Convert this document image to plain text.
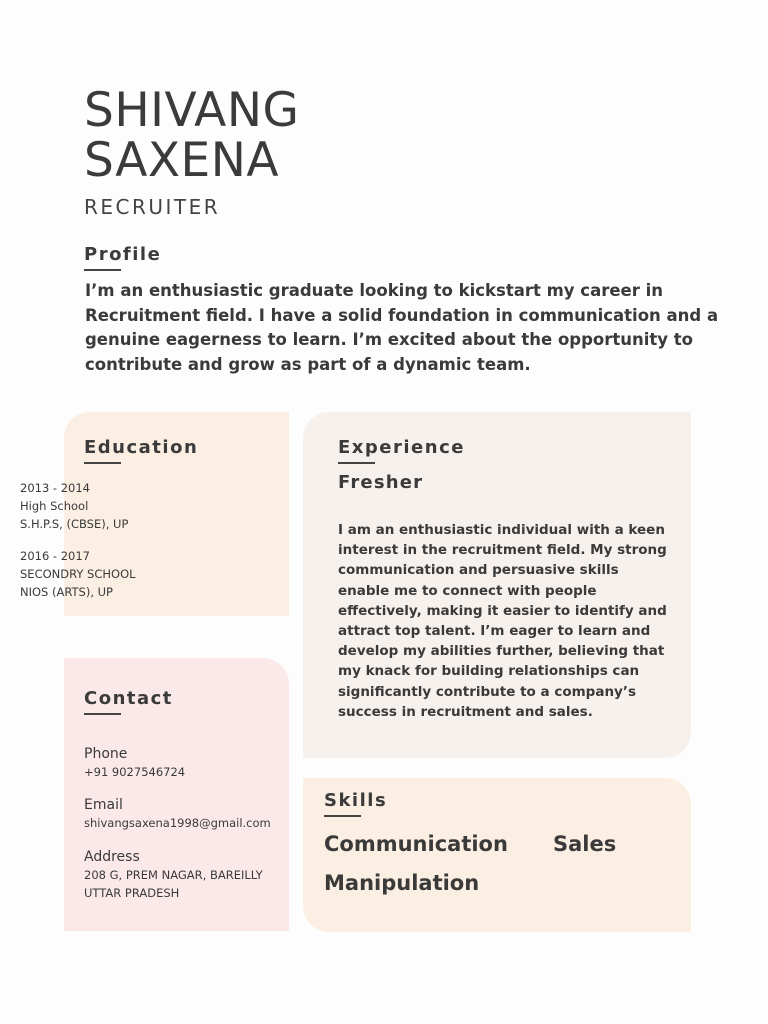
SHIVANG
SAXENA
RECRUITER
Profile
I’m an enthusiastic graduate looking to kickstart my career in Recruitment field. I have a solid foundation in communication and a genuine eagerness to learn. I’m excited about the opportunity to contribute and grow as part of a dynamic team.
Education
2013 - 2014
High School
S.H.P.S, (CBSE), UP
2016 - 2017
SECONDRY SCHOOL
NIOS (ARTS), UP
Contact
Phone
+91 9027546724
Email
shivangsaxena1998@gmail.com
Address
208 G, PREM NAGAR, BAREILLY
UTTAR PRADESH
Experience
Fresher
I am an enthusiastic individual with a keen interest in the recruitment field. My strong communication and persuasive skills enable me to connect with people effectively, making it easier to identify and attract top talent. I’m eager to learn and develop my abilities further, believing that my knack for building relationships can significantly contribute to a company’s success in recruitment and sales.
Skills
Communication Sales
Manipulation
